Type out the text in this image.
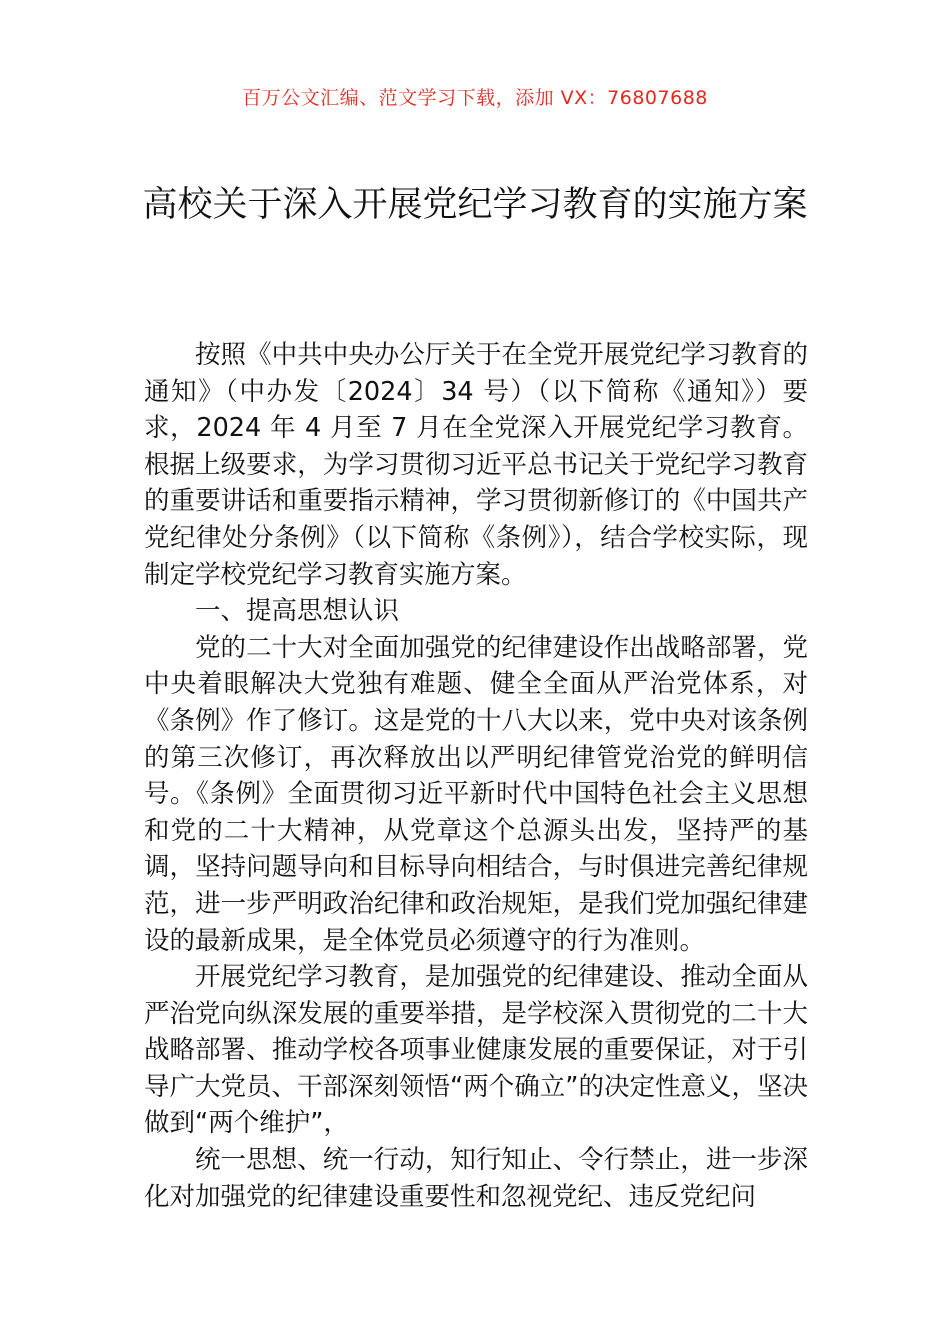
百万公文汇编、范文学习下载，添加 VX：76807688
高校关于深入开展党纪学习教育的实施方案

按照《中共中央办公厅关于在全党开展党纪学习教育的通知》（中办发〔2024〕34 号）（以下简称《通知》）要求，2024 年 4 月至 7 月在全党深入开展党纪学习教育。根据上级要求，为学习贯彻习近平总书记关于党纪学习教育的重要讲话和重要指示精神，学习贯彻新修订的《中国共产党纪律处分条例》（以下简称《条例》），结合学校实际，现制定学校党纪学习教育实施方案。

一、提高思想认识

党的二十大对全面加强党的纪律建设作出战略部署，党中央着眼解决大党独有难题、健全全面从严治党体系，对《条例》作了修订。这是党的十八大以来，党中央对该条例的第三次修订，再次释放出以严明纪律管党治党的鲜明信号。《条例》全面贯彻习近平新时代中国特色社会主义思想和党的二十大精神，从党章这个总源头出发，坚持严的基调，坚持问题导向和目标导向相结合，与时俱进完善纪律规范，进一步严明政治纪律和政治规矩，是我们党加强纪律建设的最新成果，是全体党员必须遵守的行为准则。

开展党纪学习教育，是加强党的纪律建设、推动全面从严治党向纵深发展的重要举措，是学校深入贯彻党的二十大战略部署、推动学校各项事业健康发展的重要保证，对于引导广大党员、干部深刻领悟“两个确立”的决定性意义，坚决做到“两个维护”，

统一思想、统一行动，知行知止、令行禁止，进一步深化对加强党的纪律建设重要性和忽视党纪、违反党纪问
